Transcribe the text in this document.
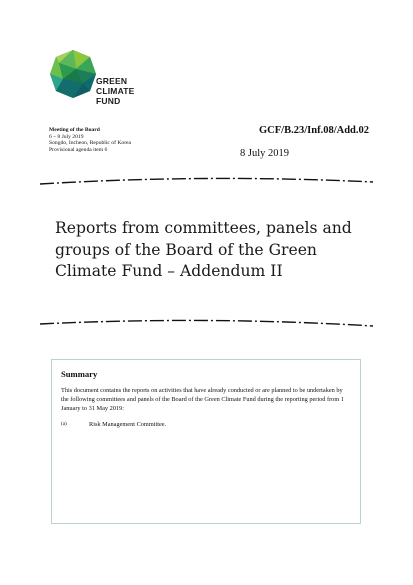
GREEN
CLIMATE
FUND
Meeting of the Board
6 – 8 July 2019
Songdo, Incheon, Republic of Korea
Provisional agenda item 6
GCF/B.23/Inf.08/Add.02
8 July 2019
Reports from committees, panels and groups of the Board of the Green Climate Fund – Addendum II
Summary
This document contains the reports on activities that have already conducted or are planned to be undertaken by the following committees and panels of the Board of the Green Climate Fund during the reporting period from 1 January to 31 May 2019:
(a)	Risk Management Committee.
